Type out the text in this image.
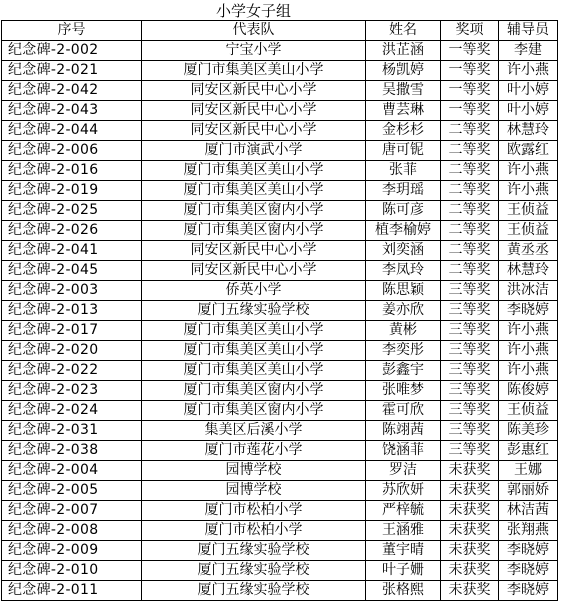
	小学女子组			
序号	代表队	姓名	奖项	辅导员
纪念碑-2-002	宁宝小学	洪芷涵	一等奖	李建
纪念碑-2-021	厦门市集美区美山小学	杨凯婷	一等奖	许小燕
纪念碑-2-042	同安区新民中心小学	吴撒雪	一等奖	叶小婷
纪念碑-2-043	同安区新民中心小学	曹芸琳	一等奖	叶小婷
纪念碑-2-044	同安区新民中心小学	金杉杉	二等奖	林慧玲
纪念碑-2-006	厦门市演武小学	唐可铌	二等奖	欧露红
纪念碑-2-016	厦门市集美区美山小学	张菲	二等奖	许小燕
纪念碑-2-019	厦门市集美区美山小学	李玥瑶	二等奖	许小燕
纪念碑-2-025	厦门市集美区窗内小学	陈可彦	二等奖	王侦益
纪念碑-2-026	厦门市集美区窗内小学	植李榆婷	二等奖	王侦益
纪念碑-2-041	同安区新民中心小学	刘奕涵	二等奖	黄丞丞
纪念碑-2-045	同安区新民中心小学	李凤玲	二等奖	林慧玲
纪念碑-2-003	侨英小学	陈思颖	三等奖	洪冰洁
纪念碑-2-013	厦门五缘实验学校	姜亦欣	三等奖	李晓婷
纪念碑-2-017	厦门市集美区美山小学	黄彬	三等奖	许小燕
纪念碑-2-020	厦门市集美区美山小学	李奕彤	三等奖	许小燕
纪念碑-2-022	厦门市集美区美山小学	彭鑫宇	三等奖	许小燕
纪念碑-2-023	厦门市集美区窗内小学	张唯梦	三等奖	陈俊婷
纪念碑-2-024	厦门市集美区窗内小学	霍可欣	三等奖	王侦益
纪念碑-2-031	集美区后溪小学	陈翊茜	三等奖	陈美珍
纪念碑-2-038	厦门市莲花小学	饶涵菲	三等奖	彭惠红
纪念碑-2-004	园博学校	罗洁	未获奖	王娜
纪念碑-2-005	园博学校	苏欣妍	未获奖	郭丽娇
纪念碑-2-007	厦门市松柏小学	严梓毓	未获奖	林洁茜
纪念碑-2-008	厦门市松柏小学	王涵雅	未获奖	张翔燕
纪念碑-2-009	厦门五缘实验学校	董宇晴	未获奖	李晓婷
纪念碑-2-010	厦门五缘实验学校	叶子姗	未获奖	李晓婷
纪念碑-2-011	厦门五缘实验学校	张格熙	未获奖	李晓婷
